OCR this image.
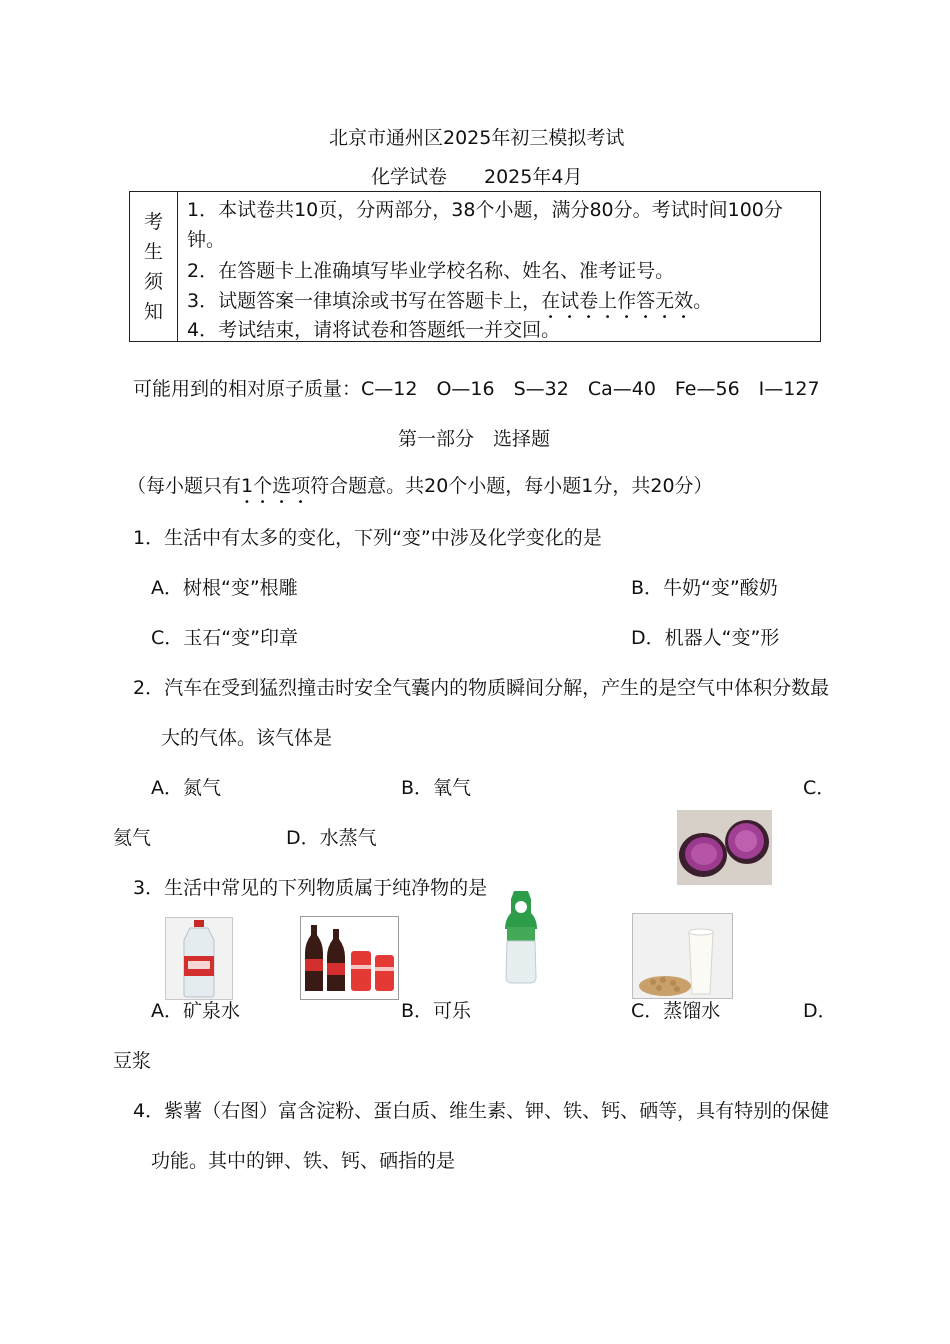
北京市通州区2025年初三模拟考试
化学试卷 2025年4月
考
生
须
知
1．本试卷共10页，分两部分，38个小题，满分80分。考试时间100分
钟。
2．在答题卡上准确填写毕业学校名称、姓名、准考证号。
3．试题答案一律填涂或书写在答题卡上，在试卷上作答无效。
4．考试结束，请将试卷和答题纸一并交回。
可能用到的相对原子质量：C—12　O—16　S—32　Ca—40　Fe—56　I—127
第一部分　选择题
（每小题只有1个选项符合题意。共20个小题，每小题1分，共20分）
1．生活中有太多的变化，下列“变”中涉及化学变化的是
A．树根“变”根雕	B．牛奶“变”酸奶
C．玉石“变”印章	D．机器人“变”形
2．汽车在受到猛烈撞击时安全气囊内的物质瞬间分解，产生的是空气中体积分数最
大的气体。该气体是
A．氮气	B．氧气	C．
氦气	D．水蒸气
3．生活中常见的下列物质属于纯净物的是
A．矿泉水	B．可乐	C．蒸馏水	D．
豆浆
4．紫薯（右图）富含淀粉、蛋白质、维生素、钾、铁、钙、硒等，具有特别的保健
功能。其中的钾、铁、钙、硒指的是
